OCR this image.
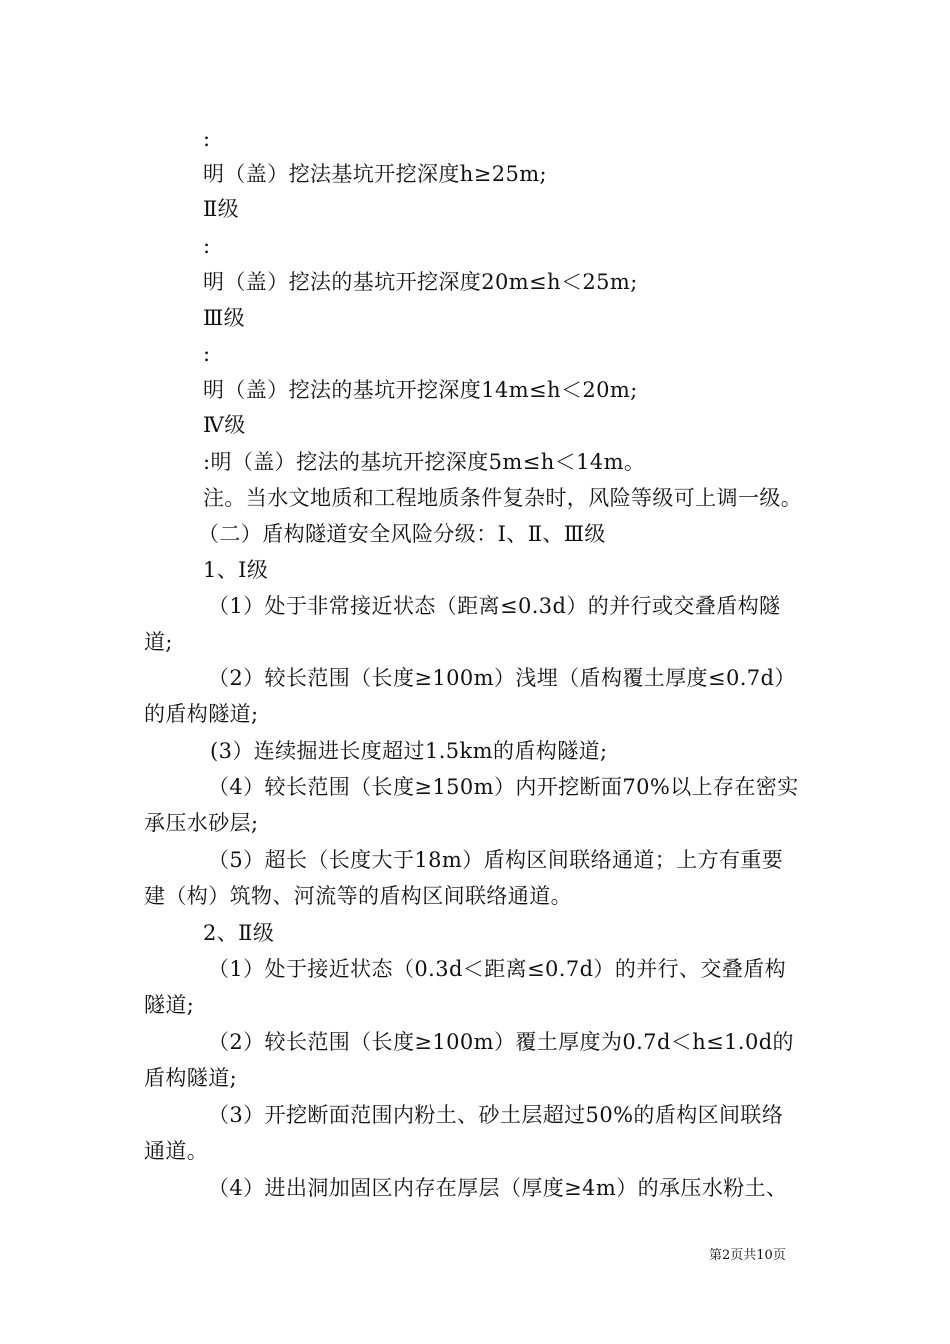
:
明（盖）挖法基坑开挖深度h≥25m;
Ⅱ级
:
明（盖）挖法的基坑开挖深度20m≤h＜25m;
Ⅲ级
:
明（盖）挖法的基坑开挖深度14m≤h＜20m;
Ⅳ级
:明（盖）挖法的基坑开挖深度5m≤h＜14m。
注。当水文地质和工程地质条件复杂时，风险等级可上调一级。
（二）盾构隧道安全风险分级：Ⅰ、Ⅱ、Ⅲ级
1、Ⅰ级
（1）处于非常接近状态（距离≤0.3d）的并行或交叠盾构隧
道;
（2）较长范围（长度≥100m）浅埋（盾构覆土厚度≤0.7d）
的盾构隧道;
(3）连续掘进长度超过1.5km的盾构隧道;
（4）较长范围（长度≥150m）内开挖断面70%以上存在密实
承压水砂层;
（5）超长（长度大于18m）盾构区间联络通道；上方有重要
建（构）筑物、河流等的盾构区间联络通道。
2、Ⅱ级
（1）处于接近状态（0.3d＜距离≤0.7d）的并行、交叠盾构
隧道;
（2）较长范围（长度≥100m）覆土厚度为0.7d＜h≤1.0d的
盾构隧道;
（3）开挖断面范围内粉土、砂土层超过50%的盾构区间联络
通道。
（4）进出洞加固区内存在厚层（厚度≥4m）的承压水粉土、
第2页共10页
